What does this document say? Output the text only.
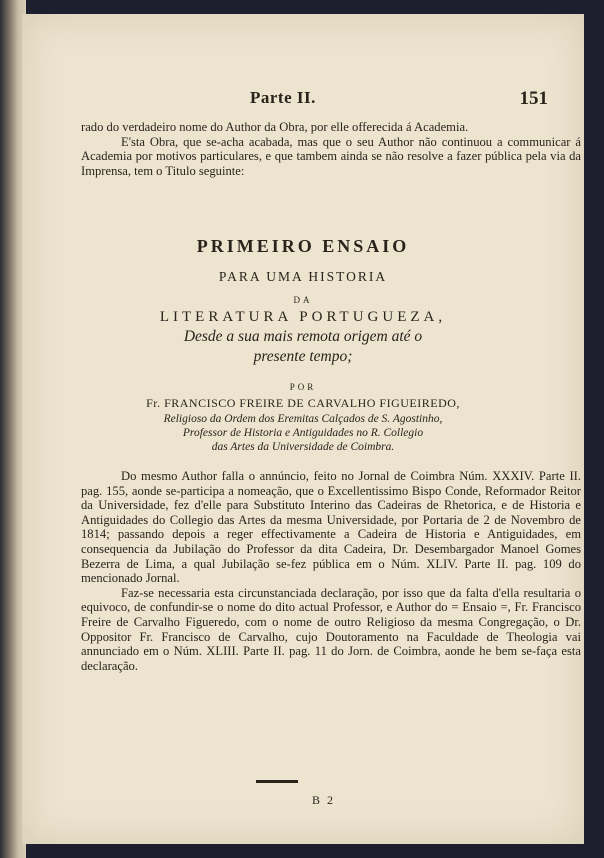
Parte II.	151

rado do verdadeiro nome do Author da Obra, por elle offerecida á Academia.

E'sta Obra, que se-acha acabada, mas que o seu Author não continuou a communicar á Academia por motivos particulares, e que tambem ainda se não resolve a fazer pública pela via da Imprensa, tem o Titulo seguinte:

PRIMEIRO ENSAIO
PARA UMA HISTORIA
DA
LITERATURA PORTUGUEZA,
Desde a sua mais remota origem até o
presente tempo;
POR
Fr. FRANCISCO FREIRE DE CARVALHO FIGUEIREDO,
Religioso da Ordem dos Eremitas Calçados de S. Agostinho,
Professor de Historia e Antiguidades no R. Collegio
das Artes da Universidade de Coimbra.

Do mesmo Author falla o annúncio, feito no Jornal de Coimbra Núm. XXXIV. Parte II. pag. 155, aonde se-participa a nomeação, que o Excellentissimo Bispo Conde, Reformador Reitor da Universidade, fez d'elle para Substituto Interino das Cadeiras de Rhetorica, e de Historia e Antiguidades do Collegio das Artes da mesma Universidade, por Portaria de 2 de Novembro de 1814; passando depois a reger effectivamente a Cadeira de Historia e Antiguidades, em consequencia da Jubilação do Professor da dita Cadeira, Dr. Desembargador Manoel Gomes Bezerra de Lima, a qual Jubilação se-fez pública em o Núm. XLIV. Parte II. pag. 109 do mencionado Jornal.

Faz-se necessaria esta circunstanciada declaração, por isso que da falta d'ella resultaria o equivoco, de confundir-se o nome do dito actual Professor, e Author do = Ensaio =, Fr. Francisco Freire de Carvalho Figueredo, com o nome de outro Religioso da mesma Congregação, o Dr. Oppositor Fr. Francisco de Carvalho, cujo Doutoramento na Faculdade de Theologia vai annunciado em o Núm. XLIII. Parte II. pag. 11 do Jorn. de Coimbra, aonde he bem se-faça esta declaração.

B 2
